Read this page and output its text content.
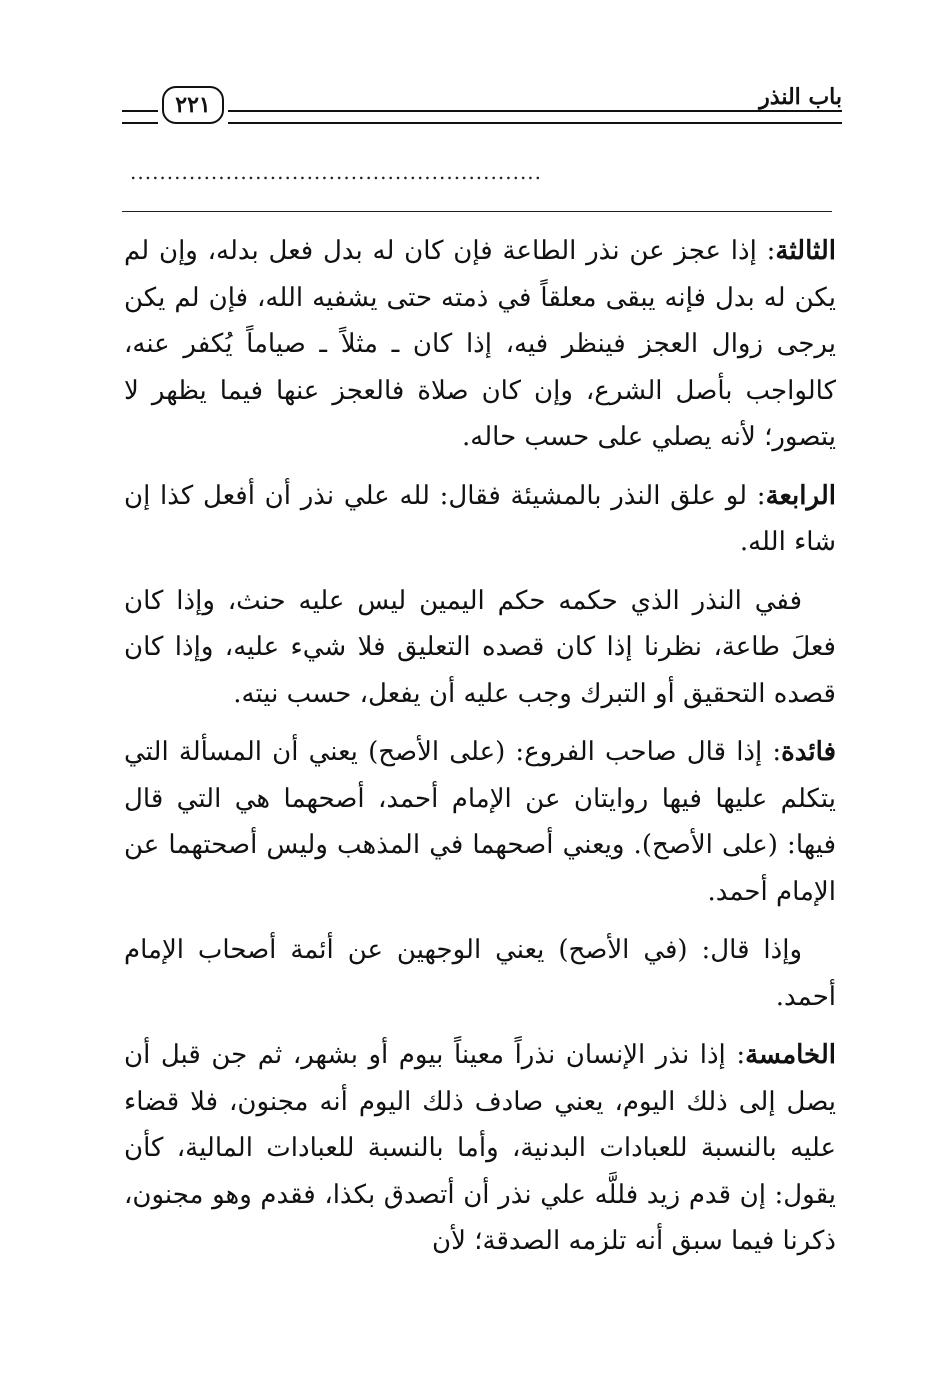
٢٢١	باب النذر
........................................................

الثالثة: إذا عجز عن نذر الطاعة فإن كان له بدل فعل بدله، وإن لم يكن له بدل فإنه يبقى معلقاً في ذمته حتى يشفيه الله، فإن لم يكن يرجى زوال العجز فينظر فيه، إذا كان ـ مثلاً ـ صياماً يُكفر عنه، كالواجب بأصل الشرع، وإن كان صلاة فالعجز عنها فيما يظهر لا يتصور؛ لأنه يصلي على حسب حاله.

الرابعة: لو علق النذر بالمشيئة فقال: لله علي نذر أن أفعل كذا إن شاء الله.

ففي النذر الذي حكمه حكم اليمين ليس عليه حنث، وإذا كان فعلَ طاعة، نظرنا إذا كان قصده التعليق فلا شيء عليه، وإذا كان قصده التحقيق أو التبرك وجب عليه أن يفعل، حسب نيته.

فائدة: إذا قال صاحب الفروع: (على الأصح) يعني أن المسألة التي يتكلم عليها فيها روايتان عن الإمام أحمد، أصحهما هي التي قال فيها: (على الأصح). ويعني أصحهما في المذهب وليس أصحتهما عن الإمام أحمد.

وإذا قال: (في الأصح) يعني الوجهين عن أئمة أصحاب الإمام أحمد.

الخامسة: إذا نذر الإنسان نذراً معيناً بيوم أو بشهر، ثم جن قبل أن يصل إلى ذلك اليوم، يعني صادف ذلك اليوم أنه مجنون، فلا قضاء عليه بالنسبة للعبادات البدنية، وأما بالنسبة للعبادات المالية، كأن يقول: إن قدم زيد فللَّه علي نذر أن أتصدق بكذا، فقدم وهو مجنون، ذكرنا فيما سبق أنه تلزمه الصدقة؛ لأن
